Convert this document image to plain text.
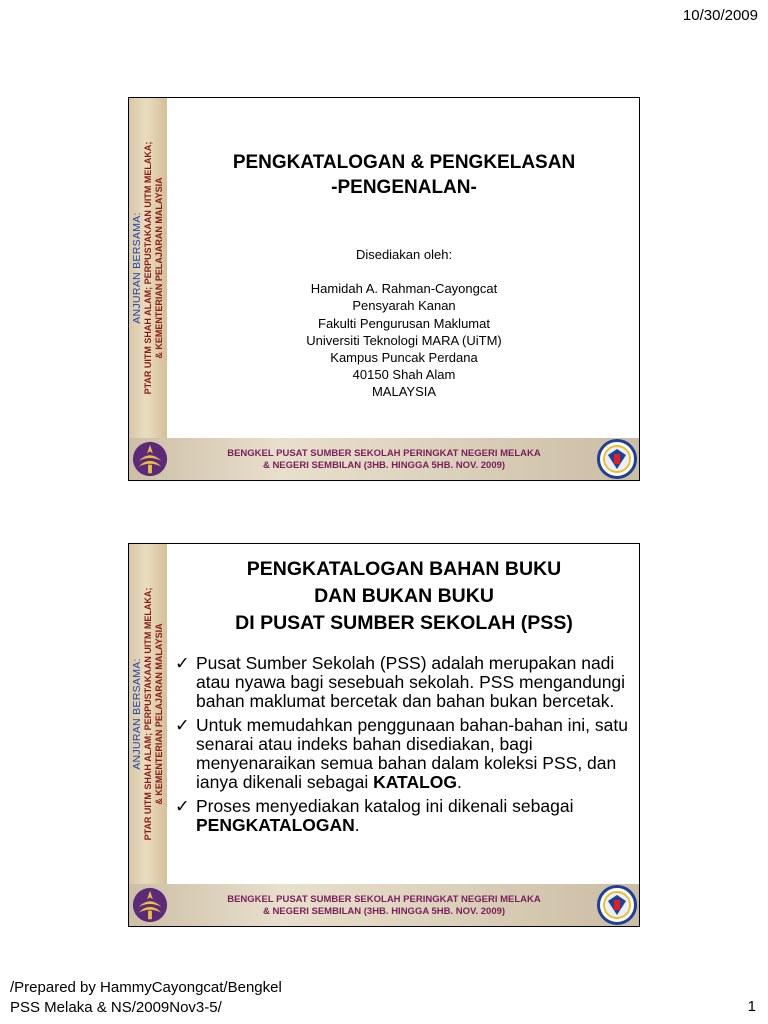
10/30/2009
ANJURAN BERSAMA: PTAR UITM SHAH ALAM; PERPUSTAKAAN UITM MELAKA; & KEMENTERIAN PELAJARAN MALAYSIA
PENGKATALOGAN & PENGKELASAN
-PENGENALAN-
Disediakan oleh:
Hamidah A. Rahman-Cayongcat
Pensyarah Kanan
Fakulti Pengurusan Maklumat
Universiti Teknologi MARA (UiTM)
Kampus Puncak Perdana
40150 Shah Alam
MALAYSIA
BENGKEL PUSAT SUMBER SEKOLAH PERINGKAT NEGERI MELAKA
& NEGERI SEMBILAN (3HB. HINGGA 5HB. NOV. 2009)
ANJURAN BERSAMA: PTAR UITM SHAH ALAM; PERPUSTAKAAN UITM MELAKA; & KEMENTERIAN PELAJARAN MALAYSIA
PENGKATALOGAN BAHAN BUKU
DAN BUKAN BUKU
DI PUSAT SUMBER SEKOLAH (PSS)
✓ Pusat Sumber Sekolah (PSS) adalah merupakan nadi atau nyawa bagi sesebuah sekolah. PSS mengandungi bahan maklumat bercetak dan bahan bukan bercetak.
✓ Untuk memudahkan penggunaan bahan-bahan ini, satu senarai atau indeks bahan disediakan, bagi menyenaraikan semua bahan dalam koleksi PSS, dan ianya dikenali sebagai KATALOG.
✓ Proses menyediakan katalog ini dikenali sebagai PENGKATALOGAN.
BENGKEL PUSAT SUMBER SEKOLAH PERINGKAT NEGERI MELAKA
& NEGERI SEMBILAN (3HB. HINGGA 5HB. NOV. 2009)
/Prepared by HammyCayongcat/Bengkel
PSS Melaka & NS/2009Nov3-5/	1
